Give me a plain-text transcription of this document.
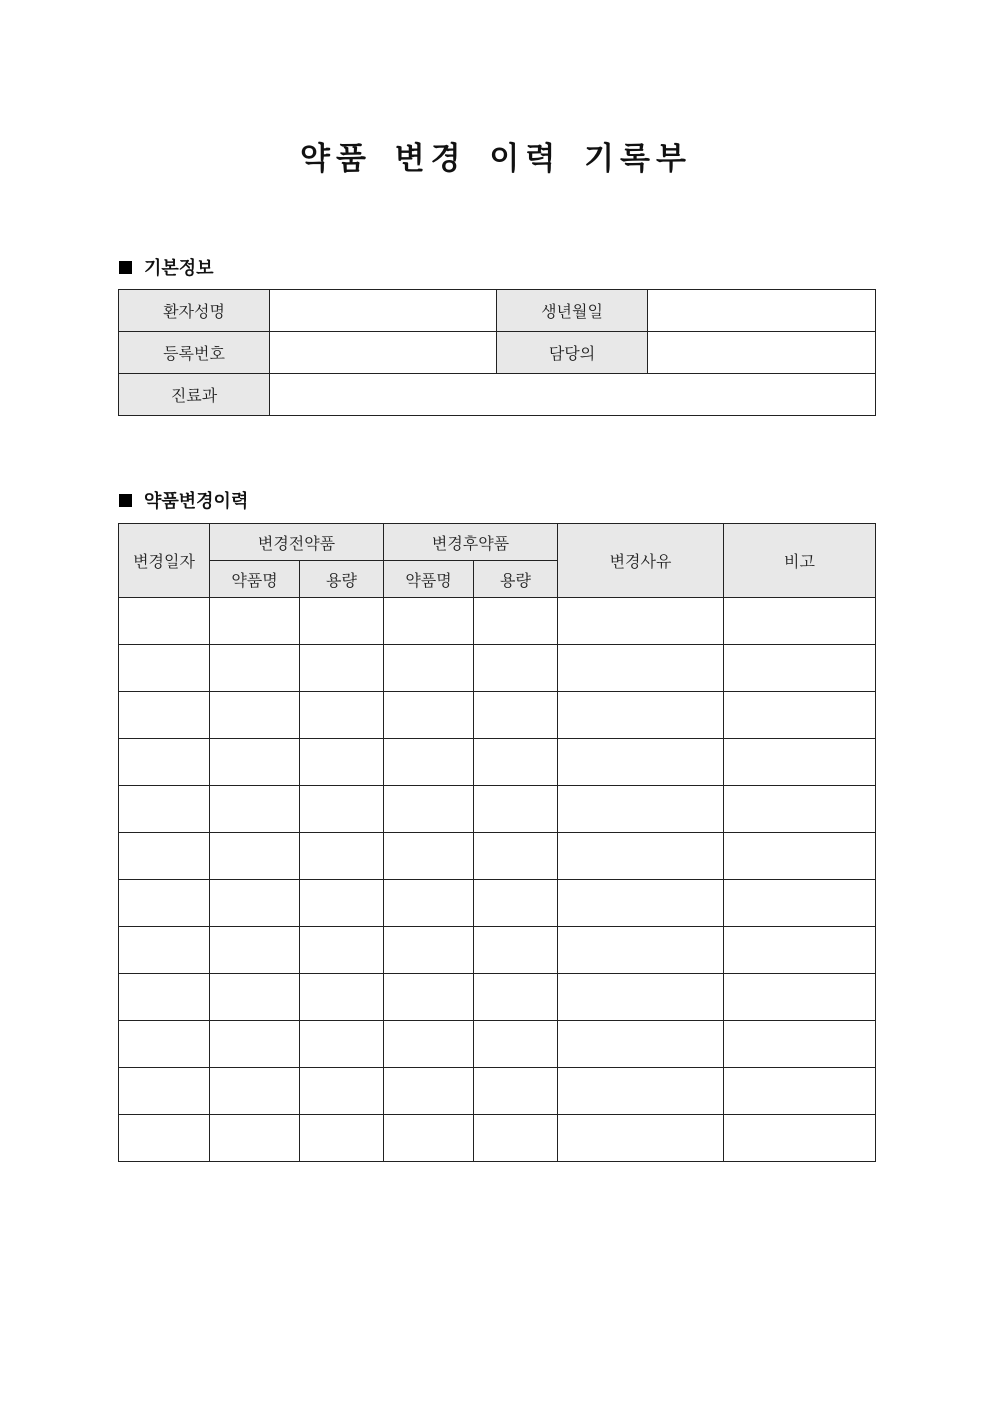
약품 변경 이력 기록부
기본정보
환자성명		생년월일	
등록번호		담당의	
진료과			
약품변경이력
변경일자	변경전약품		변경후약품		변경사유	비고
	약품명	용량	약품명	용량		
